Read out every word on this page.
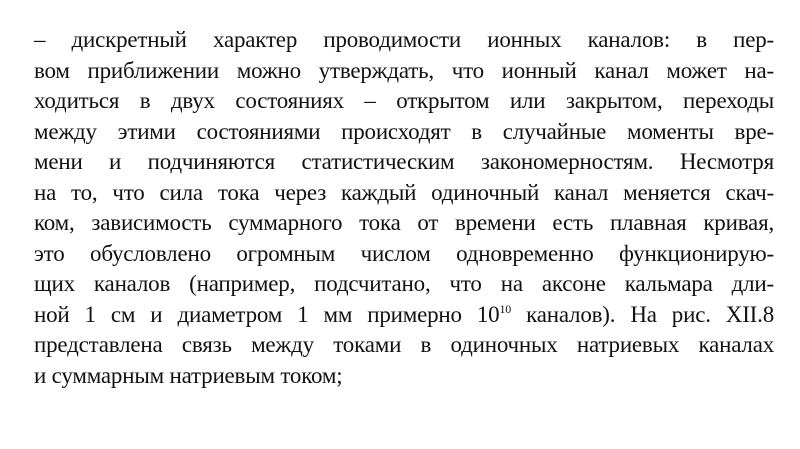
– дискретный характер проводимости ионных каналов: в пер-
вом приближении можно утверждать, что ионный канал может на-
ходиться в двух состояниях – открытом или закрытом, переходы
между этими состояниями происходят в случайные моменты вре-
мени и подчиняются статистическим закономерностям. Несмотря
на то, что сила тока через каждый одиночный канал меняется скач-
ком, зависимость суммарного тока от времени есть плавная кривая,
это обусловлено огромным числом одновременно функционирую-
щих каналов (например, подсчитано, что на аксоне кальмара дли-
ной 1 см и диаметром 1 мм примерно $10^{10}$ каналов). На рис. XII.8
представлена связь между токами в одиночных натриевых каналах
и суммарным натриевым током;
